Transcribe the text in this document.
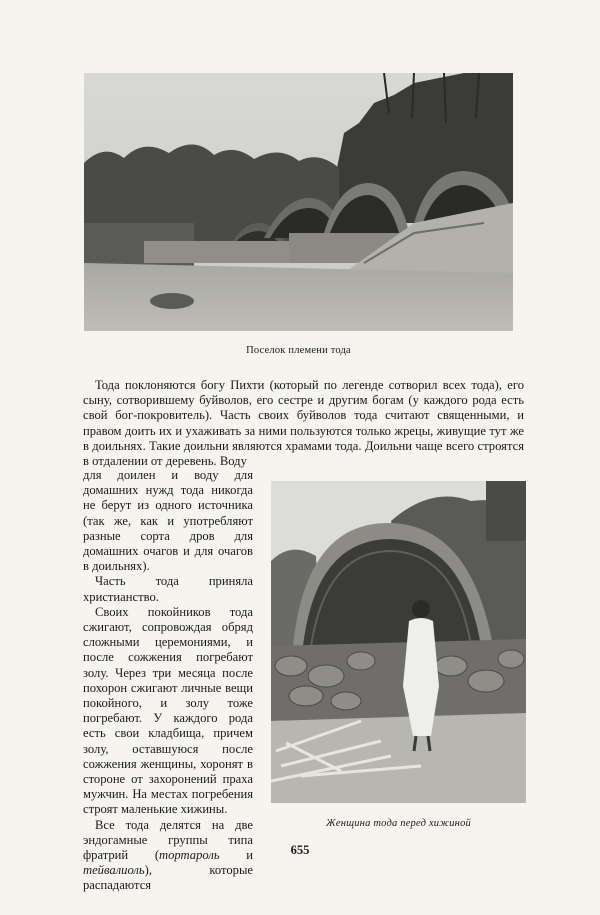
Поселок племени тода

Тода поклоняются богу Пихти (который по легенде сотворил всех тода), его сыну, сотворившему буйволов, его сестре и другим богам (у каждого рода есть свой бог-покровитель). Часть своих буйволов тода считают священными, и правом доить их и ухаживать за ними пользуются только жрецы, живущие тут же в доильнях. Такие доильни являются храмами тода. Доильни чаще всего строятся в отдалении от деревень. Воду

для доилен и воду для домашних нужд тода никогда не берут из одного источника (так же, как и употребляют разные сорта дров для домашних очагов и для очагов в доильнях).

Часть тода приняла христианство.

Своих покойников тода сжигают, сопровождая обряд сложными церемониями, и после сожжения погребают золу. Через три месяца после похорон сжигают личные вещи покойного, и золу тоже погребают. У каждого рода есть свои кладбища, причем золу, оставшуюся после сожжения женщины, хоронят в стороне от захоронений праха мужчин. На местах погребения строят маленькие хижины.

Все тода делятся на две эндогамные группы типа фратрий (тортароль и тейвалиоль), которые распадаются

Женщина тода перед хижиной
655
